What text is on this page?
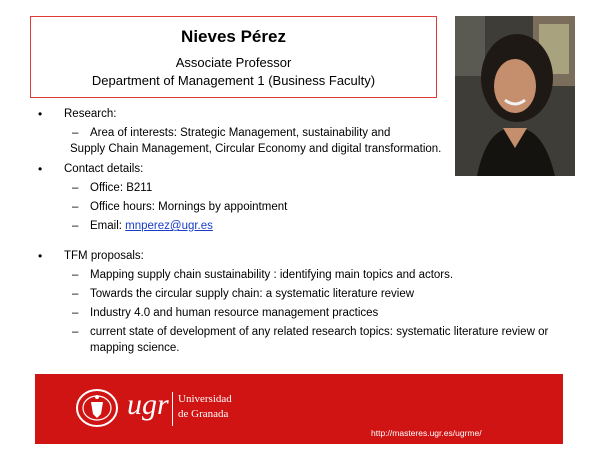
Nieves Pérez
Associate Professor
Department of Management 1 (Business Faculty)
• Research:
– Area of interests: Strategic Management, sustainability and
Supply Chain Management, Circular Economy and digital transformation.
• Contact details:
– Office: B211
– Office hours: Mornings by appointment
– Email: mnperez@ugr.es
• TFM proposals:
– Mapping supply chain sustainability : identifying main topics and actors.
– Towards the circular supply chain: a systematic literature review
– Industry 4.0 and human resource management practices
– current state of development of any related research topics: systematic literature review or mapping science.
ugr Universidad
de Granada
http://masteres.ugr.es/ugrme/
